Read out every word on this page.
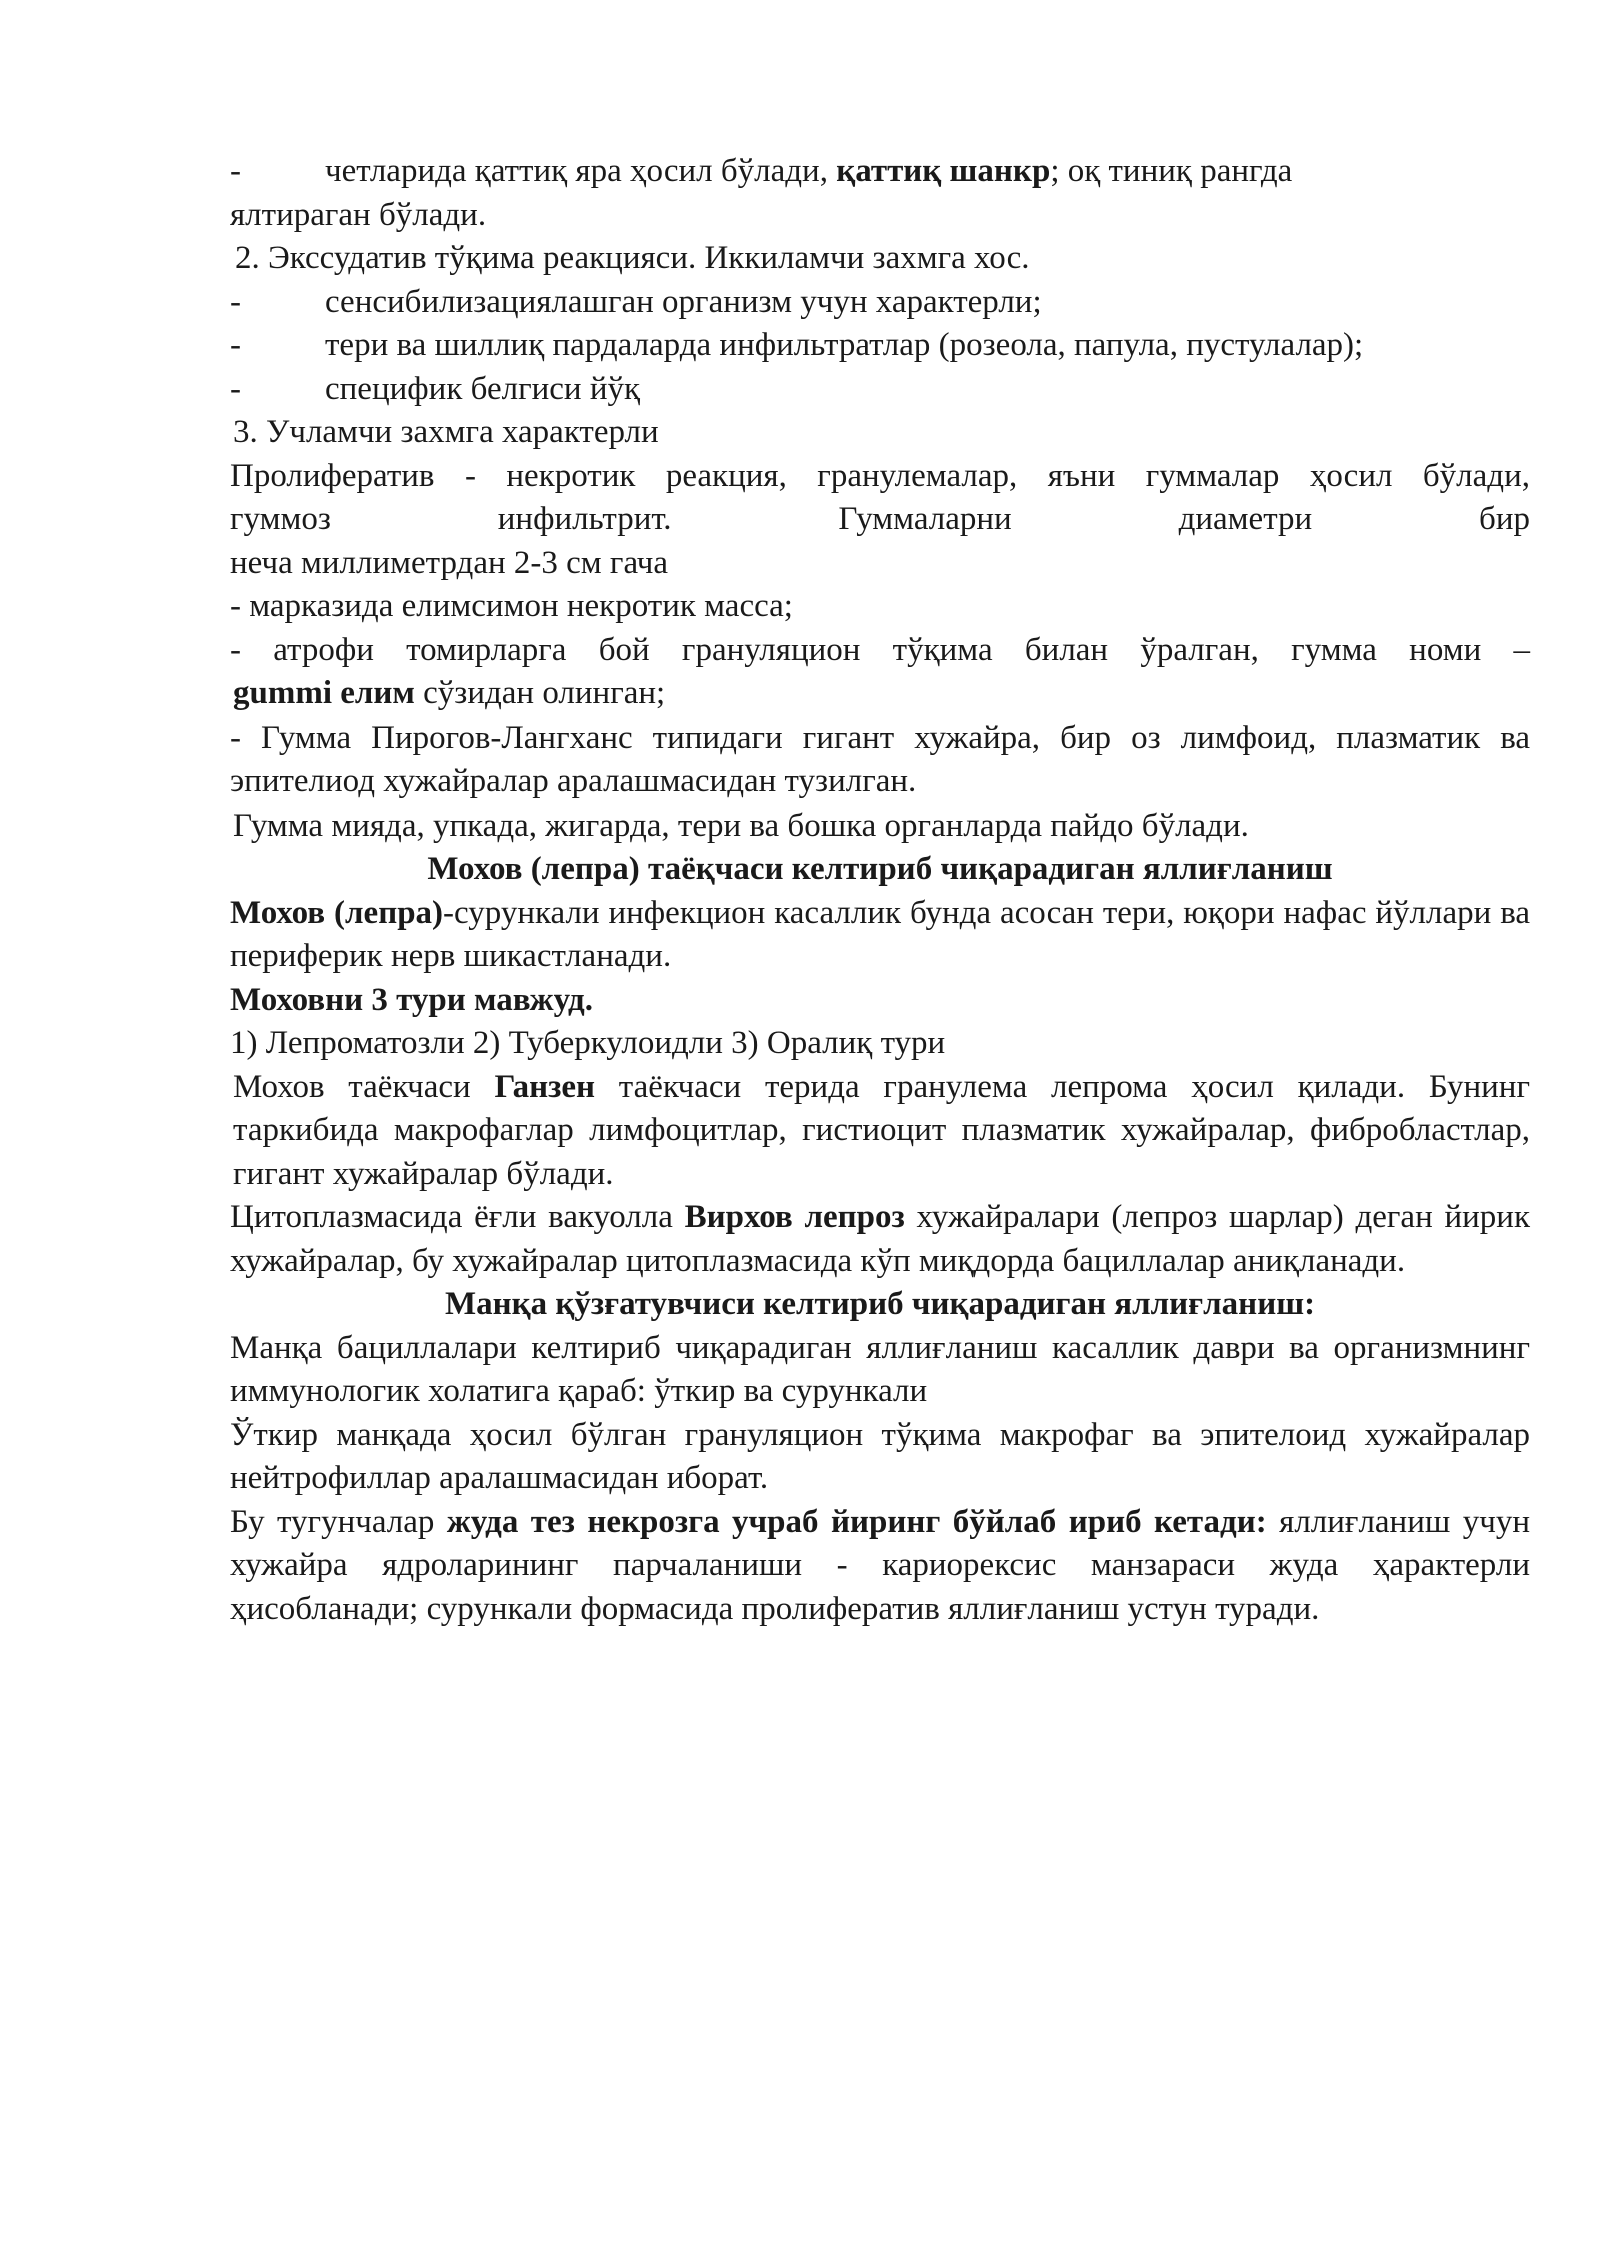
-	четларида қаттиқ яра ҳосил бўлади, қаттиқ шанкр; оқ тиниқ рангда

ялтираган бўлади.

2. Экссудатив тўқима реакцияси. Иккиламчи захмга хос.

-	сенсибилизациялашган организм учун характерли;
-	тери ва шиллиқ пардаларда инфильтратлар (розеола, папула, пустулалар);
-	специфик белгиси йўқ

3. Учламчи захмга характерли

Пролифератив - некротик реакция, гранулемалар, яъни гуммалар ҳосил бўлади,

гуммоз инфильтрит. Гуммаларни диаметри бир

неча миллиметрдан 2-3 см гача

- марказида елимсимон некротик масса;

- атрофи томирларга бой грануляцион тўқима билан ўралган, гумма номи –

gummi елим сўзидан олинган;

- Гумма Пирогов-Лангханс типидаги гигант хужайра, бир оз лимфоид, плазматик ва эпителиод хужайралар аралашмасидан тузилган.

Гумма мияда, упкада, жигарда, тери ва бошка органларда пайдо бўлади.

Мохов (лепра) таёқчаси келтириб чиқарадиган яллиғланиш

Мохов (лепра)-сурункали инфекцион касаллик бунда асосан тери, юқори нафас йўллари ва периферик нерв шикастланади.

Моховни 3 тури мавжуд.

1) Лепроматозли 2) Туберкулоидли 3) Оралиқ тури

Мохов таёкчаси Ганзен таёкчаси терида гранулема лепрома ҳосил қилади. Бунинг таркибида макрофаглар лимфоцитлар, гистиоцит плазматик хужайралар, фибробластлар, гигант хужайралар бўлади.

Цитоплазмасида ёғли вакуолла Вирхов лепроз хужайралари (лепроз шарлар) деган йирик хужайралар, бу хужайралар цитоплазмасида кўп миқдорда бациллалар аниқланади.

Манқа қўзғатувчиси келтириб чиқарадиган яллиғланиш:

Манқа бациллалари келтириб чиқарадиган яллиғланиш касаллик даври ва организмнинг иммунологик холатига қараб: ўткир ва сурункали

Ўткир манқада ҳосил бўлган грануляцион тўқима макрофаг ва эпителоид хужайралар нейтрофиллар аралашмасидан иборат.

Бу тугунчалар жуда тез некрозга учраб йиринг бўйлаб ириб кетади: яллиғланиш учун хужайра ядроларининг парчаланиши - кариорексис манзараси жуда ҳарактерли ҳисобланади; сурункали формасида пролифератив яллиғланиш устун туради.
